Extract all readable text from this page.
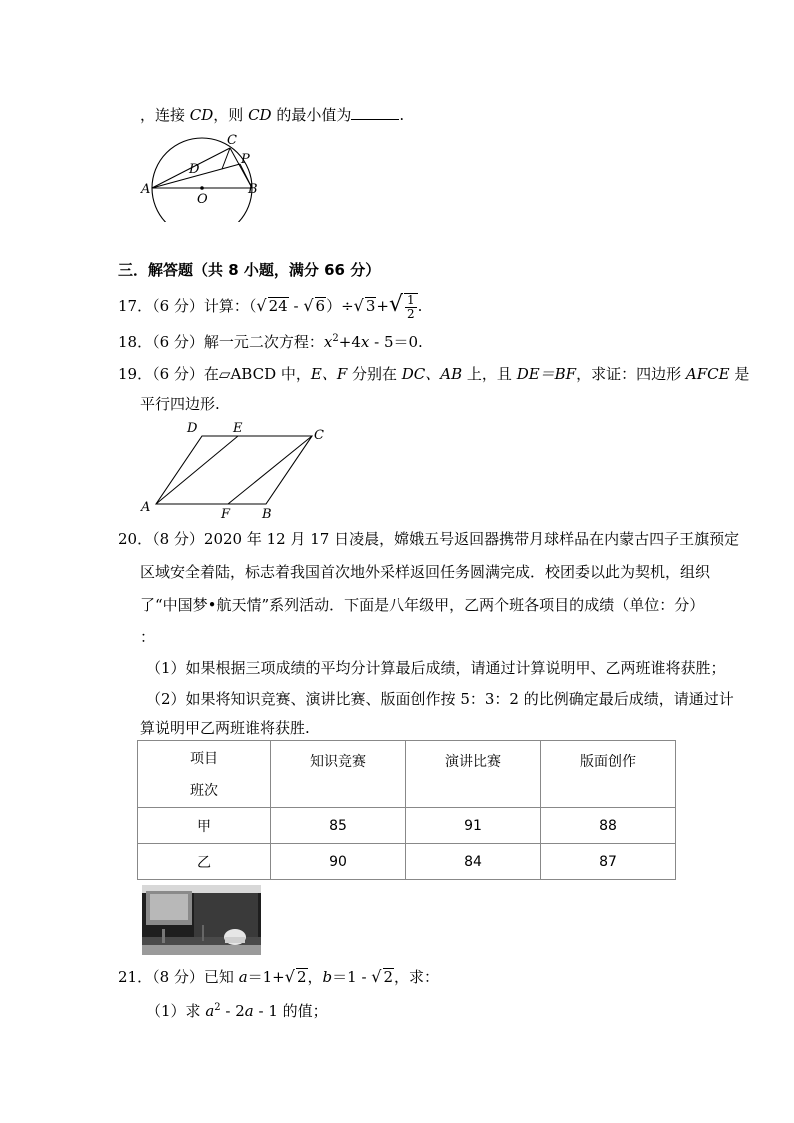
，连接 CD，则 CD 的最小值为	.
A	B
C
D
P
O
三．解答题（共 8 小题，满分 66 分）
17．（6 分）计算：（√ 24 - √ 6）÷√ $3+√ \frac{1}{2}$ .
18．（6 分）解一元二次方程：$x^2+4x - 5=0$.
19．（6 分）在▱ABCD 中，E、F 分别在 DC、AB 上，且 DE＝BF，求证：四边形 AFCE 是
平行四边形.
D	E	C
A	F B
20．（8 分）2020 年 12 月 17 日凌晨，嫦娥五号返回器携带月球样品在内蒙古四子王旗预定
区域安全着陆，标志着我国首次地外采样返回任务圆满完成．校团委以此为契机，组织
了“中国梦•航天情”系列活动．下面是八年级甲，乙两个班各项目的成绩（单位：分）
：
（1）如果根据三项成绩的平均分计算最后成绩，请通过计算说明甲、乙两班谁将获胜；
（2）如果将知识竞赛、演讲比赛、版面创作按 5：3：2 的比例确定最后成绩，请通过计
算说明甲乙两班谁将获胜.
项目
班次	知识竞赛	演讲比赛	版面创作
甲	85	91	88
乙	90	84	87
21．（8 分）已知 a＝1+√ 2，b＝1 - √ 2，求：
（1）求 $a^2 - 2a - 1$ 的值；
